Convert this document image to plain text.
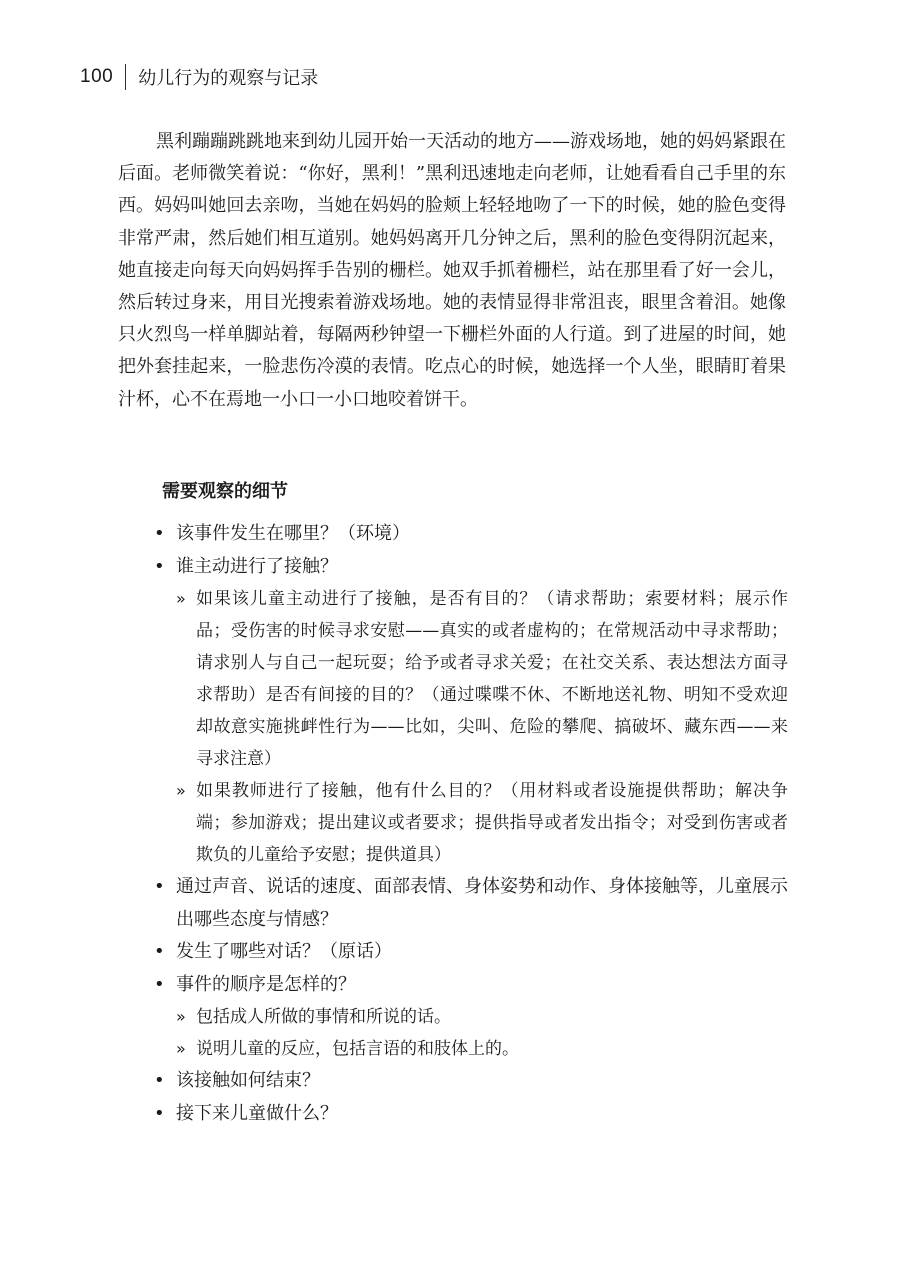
100 幼儿行为的观察与记录

黑利蹦蹦跳跳地来到幼儿园开始一天活动的地方——游戏场地，她的妈妈紧跟在后面。老师微笑着说：“你好，黑利！”黑利迅速地走向老师，让她看看自己手里的东西。妈妈叫她回去亲吻，当她在妈妈的脸颊上轻轻地吻了一下的时候，她的脸色变得非常严肃，然后她们相互道别。她妈妈离开几分钟之后，黑利的脸色变得阴沉起来，她直接走向每天向妈妈挥手告别的栅栏。她双手抓着栅栏，站在那里看了好一会儿，然后转过身来，用目光搜索着游戏场地。她的表情显得非常沮丧，眼里含着泪。她像只火烈鸟一样单脚站着，每隔两秒钟望一下栅栏外面的人行道。到了进屋的时间，她把外套挂起来，一脸悲伤冷漠的表情。吃点心的时候，她选择一个人坐，眼睛盯着果汁杯，心不在焉地一小口一小口地咬着饼干。

需要观察的细节
• 该事件发生在哪里？（环境）
• 谁主动进行了接触？
» 如果该儿童主动进行了接触，是否有目的？（请求帮助；索要材料；展示作品；受伤害的时候寻求安慰——真实的或者虚构的；在常规活动中寻求帮助；请求别人与自己一起玩耍；给予或者寻求关爱；在社交关系、表达想法方面寻求帮助）是否有间接的目的？（通过喋喋不休、不断地送礼物、明知不受欢迎却故意实施挑衅性行为——比如，尖叫、危险的攀爬、搞破坏、藏东西——来寻求注意）
» 如果教师进行了接触，他有什么目的？（用材料或者设施提供帮助；解决争端；参加游戏；提出建议或者要求；提供指导或者发出指令；对受到伤害或者欺负的儿童给予安慰；提供道具）
• 通过声音、说话的速度、面部表情、身体姿势和动作、身体接触等，儿童展示出哪些态度与情感？
• 发生了哪些对话？（原话）
• 事件的顺序是怎样的？
» 包括成人所做的事情和所说的话。
» 说明儿童的反应，包括言语的和肢体上的。
• 该接触如何结束？
• 接下来儿童做什么？
